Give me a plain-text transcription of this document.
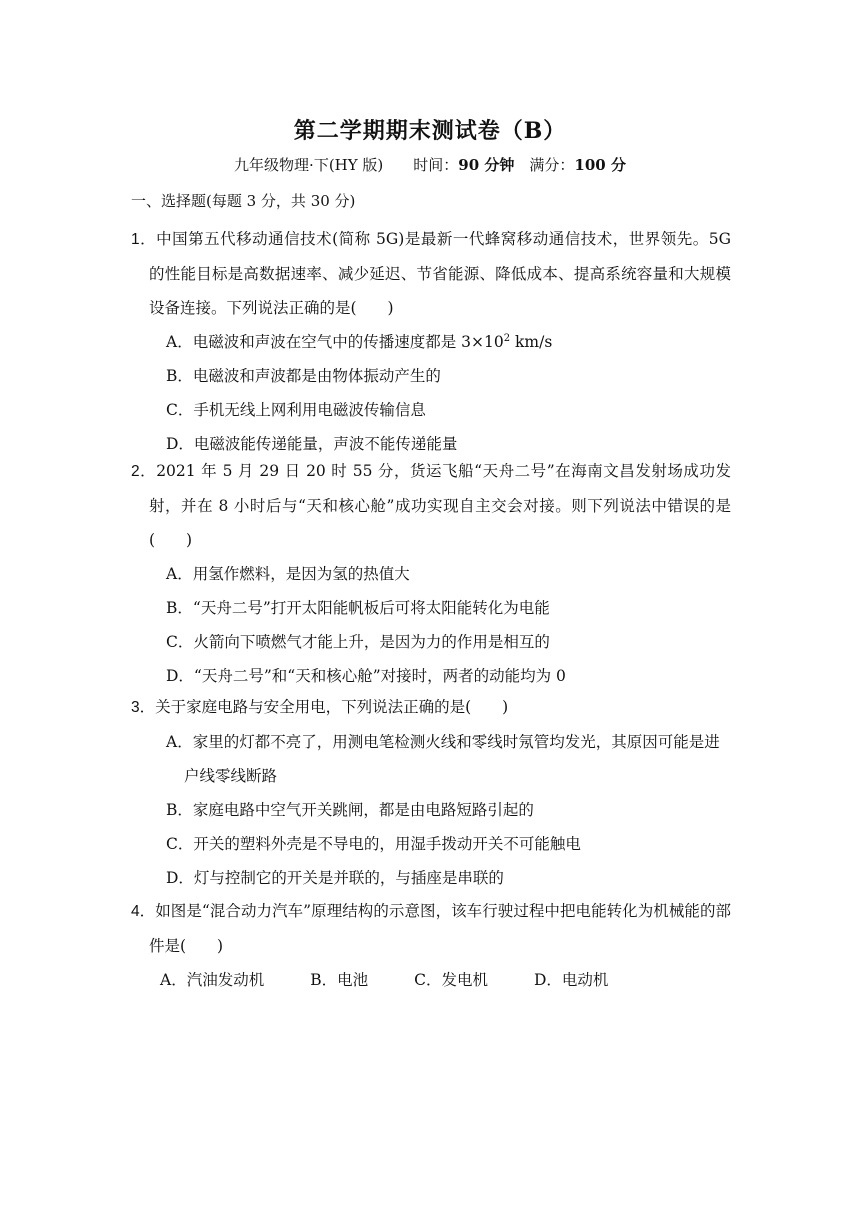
第二学期期末测试卷（B）
九年级物理·下(HY 版)　　时间：90 分钟　满分：100 分
一、选择题(每题 3 分，共 30 分)
1．中国第五代移动通信技术(简称 5G)是最新一代蜂窝移动通信技术，世界领先。5G 的性能目标是高数据速率、减少延迟、节省能源、降低成本、提高系统容量和大规模设备连接。下列说法正确的是(　　)
A．电磁波和声波在空气中的传播速度都是 $3\times 10^2$ km/s
B．电磁波和声波都是由物体振动产生的
C．手机无线上网利用电磁波传输信息
D．电磁波能传递能量，声波不能传递能量
2．2021 年 5 月 29 日 20 时 55 分，货运飞船“天舟二号”在海南文昌发射场成功发射，并在 8 小时后与“天和核心舱”成功实现自主交会对接。则下列说法中错误的是(　　)
A．用氢作燃料，是因为氢的热值大
B．“天舟二号”打开太阳能帆板后可将太阳能转化为电能
C．火箭向下喷燃气才能上升，是因为力的作用是相互的
D．“天舟二号”和“天和核心舱”对接时，两者的动能均为 0
3．关于家庭电路与安全用电，下列说法正确的是(　　)
A．家里的灯都不亮了，用测电笔检测火线和零线时氖管均发光，其原因可能是进户线零线断路
B．家庭电路中空气开关跳闸，都是由电路短路引起的
C．开关的塑料外壳是不导电的，用湿手拨动开关不可能触电
D．灯与控制它的开关是并联的，与插座是串联的
4．如图是“混合动力汽车”原理结构的示意图，该车行驶过程中把电能转化为机械能的部件是(　　)
A．汽油发动机	B．电池	C．发电机	D．电动机
